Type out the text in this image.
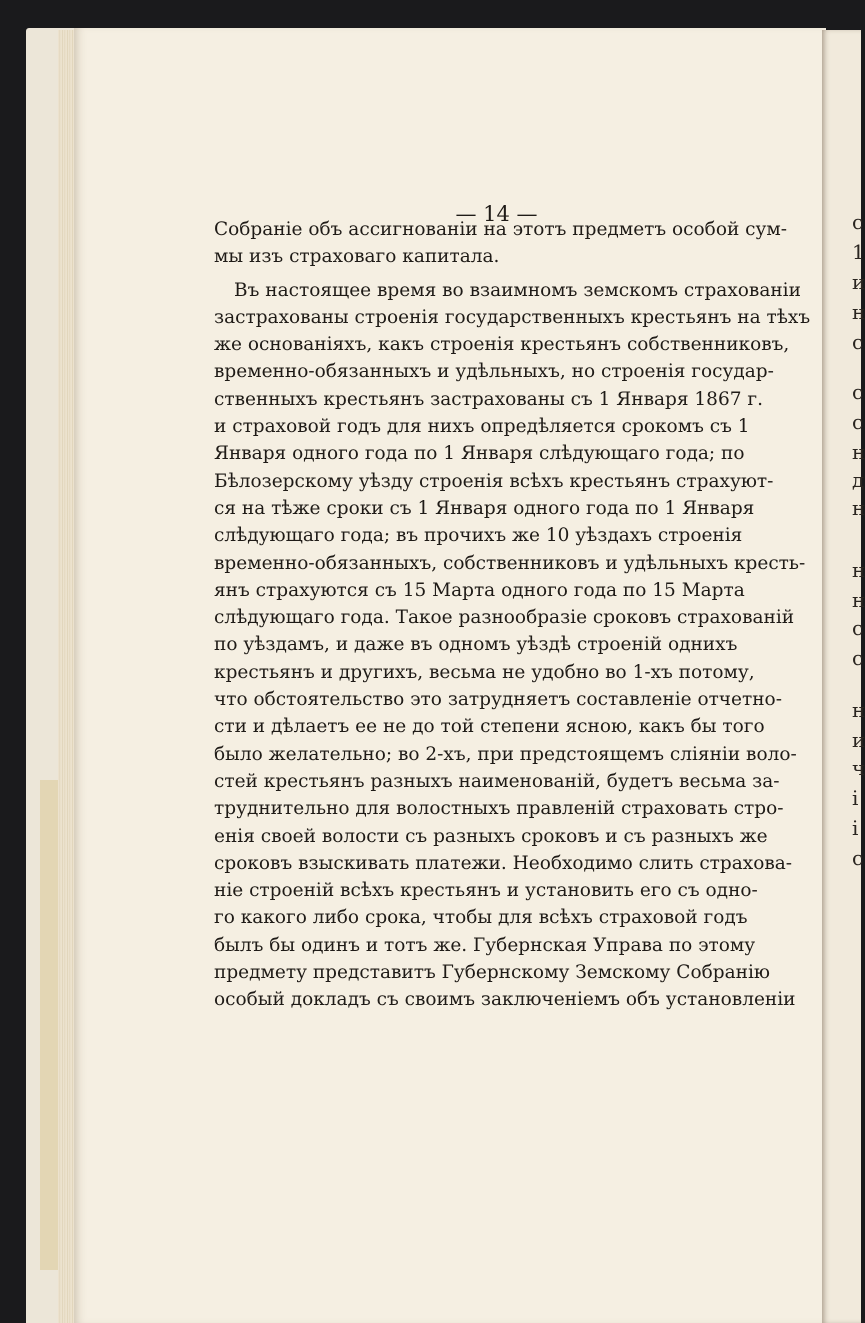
— 14 —	с
1
и
н
с
с
с
н
д
н
н
н
с
с
н
и
ч
і
і
с
Собраніе объ ассигнованіи на этотъ предметъ особой сум-
мы изъ страховаго капитала.
Въ настоящее время во взаимномъ земскомъ страхованіи
застрахованы строенія государственныхъ крестьянъ на тѣхъ
же основаніяхъ, какъ строенія крестьянъ собственниковъ,
временно-обязанныхъ и удѣльныхъ, но строенія государ-
ственныхъ крестьянъ застрахованы съ 1 Января 1867 г.
и страховой годъ для нихъ опредѣляется срокомъ съ 1
Января одного года по 1 Января слѣдующаго года; по
Бѣлозерскому уѣзду строенія всѣхъ крестьянъ страхуют-
ся на тѣже сроки съ 1 Января одного года по 1 Января
слѣдующаго года; въ прочихъ же 10 уѣздахъ строенія
временно-обязанныхъ, собственниковъ и удѣльныхъ кресть-
янъ страхуются съ 15 Марта одного года по 15 Марта
слѣдующаго года. Такое разнообразіе сроковъ страхованій
по уѣздамъ, и даже въ одномъ уѣздѣ строеній однихъ
крестьянъ и другихъ, весьма не удобно во 1-хъ потому,
что обстоятельство это затрудняетъ составленіе отчетно-
сти и дѣлаетъ ее не до той степени ясною, какъ бы того
было желательно; во 2-хъ, при предстоящемъ сліяніи воло-
стей крестьянъ разныхъ наименованій, будетъ весьма за-
труднительно для волостныхъ правленій страховать стро-
енія своей волости съ разныхъ сроковъ и съ разныхъ же
сроковъ взыскивать платежи. Необходимо слить страхова-
ніе строеній всѣхъ крестьянъ и установить его съ одно-
го какого либо срока, чтобы для всѣхъ страховой годъ
былъ бы одинъ и тотъ же. Губернская Управа по этому
предмету представитъ Губернскому Земскому Собранію
особый докладъ съ своимъ заключеніемъ объ установленіи
